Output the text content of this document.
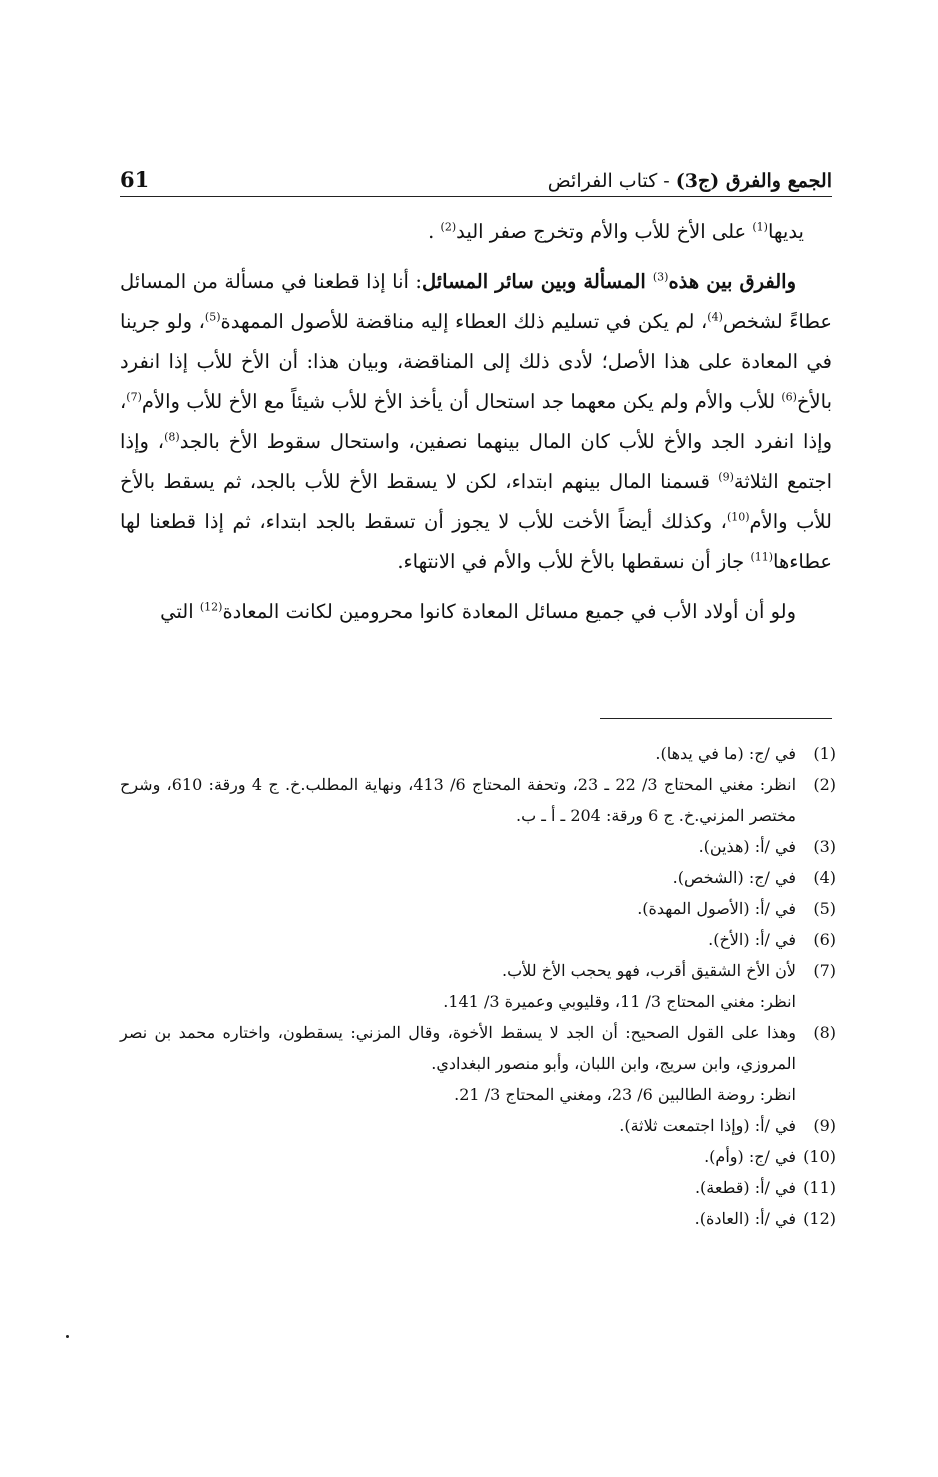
61	الجمع والفرق (ج3) - كتاب الفرائض

يديها$^{(1)}$ على الأخ للأب والأم وتخرج صفر اليد$^{(2)}$ .

والفرق بين هذه$^{(3)}$ المسألة وبين سائر المسائل: أنا إذا قطعنا في مسألة من المسائل عطاءً لشخص$^{(4)}$، لم يكن في تسليم ذلك العطاء إليه مناقضة للأصول الممهدة$^{(5)}$، ولو جرينا في المعادة على هذا الأصل؛ لأدى ذلك إلى المناقضة، وبيان هذا: أن الأخ للأب إذا انفرد بالأخ$^{(6)}$ للأب والأم ولم يكن معهما جد استحال أن يأخذ الأخ للأب شيئاً مع الأخ للأب والأم$^{(7)}$، وإذا انفرد الجد والأخ للأب كان المال بينهما نصفين، واستحال سقوط الأخ بالجد$^{(8)}$، وإذا اجتمع الثلاثة$^{(9)}$ قسمنا المال بينهم ابتداء، لكن لا يسقط الأخ للأب بالجد، ثم يسقط بالأخ للأب والأم$^{(10)}$، وكذلك أيضاً الأخت للأب لا يجوز أن تسقط بالجد ابتداء، ثم إذا قطعنا لها عطاءها$^{(11)}$ جاز أن نسقطها بالأخ للأب والأم في الانتهاء.

ولو أن أولاد الأب في جميع مسائل المعادة كانوا محرومين لكانت المعادة$^{(12)}$ التي

(1)
في /ج: (ما في يدها).
(2)
انظر: مغني المحتاج 3/ 22 ـ 23، وتحفة المحتاج 6/ 413، ونهاية المطلب.خ. ج 4 ورقة: 610، وشرح مختصر المزني.خ. ج 6 ورقة: 204 ـ أ ـ ب.
(3)
في /أ: (هذين).
(4)
في /ج: (الشخص).
(5)
في /أ: (الأصول المهدة).
(6)
في /أ: (الأخ).
(7)
لأن الأخ الشقيق أقرب، فهو يحجب الأخ للأب.
انظر: مغني المحتاج 3/ 11، وقليوبي وعميرة 3/ 141.
(8)
وهذا على القول الصحيح: أن الجد لا يسقط الأخوة، وقال المزني: يسقطون، واختاره محمد بن نصر المروزي، وابن سريج، وابن اللبان، وأبو منصور البغدادي.
انظر: روضة الطالبين 6/ 23، ومغني المحتاج 3/ 21.
(9)
في /أ: (وإذا اجتمعت ثلاثة).
(10)
في /ج: (وأم).
(11)
في /أ: (قطعة).
(12)
في /أ: (العادة).
